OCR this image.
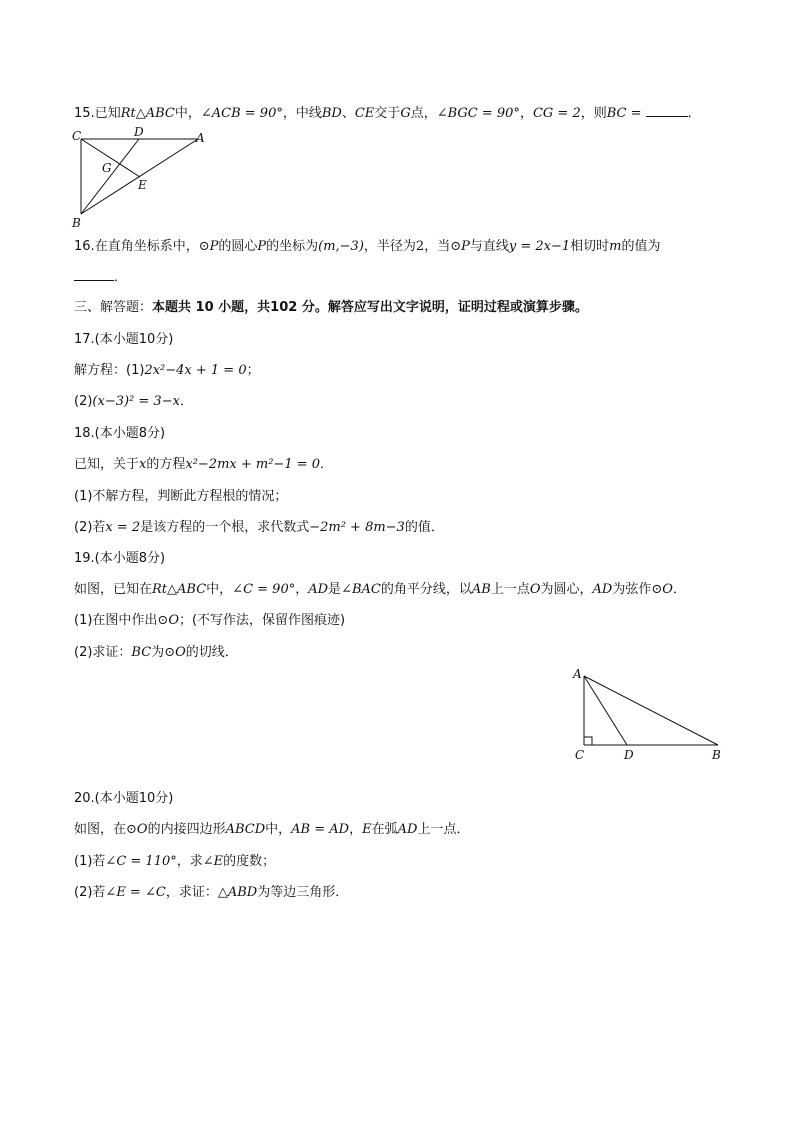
15.已知Rt△ABC中，∠ACB = 90°，中线BD、CE交于G点，∠BGC = 90°，CG = 2，则BC =	．
C	D	A
G
E
B
16.在直角坐标系中，⊙P的圆心P的坐标为(m,−3)，半径为2，当⊙P与直线y = 2x−1相切时m的值为
．
三、解答题：本题共 10 小题，共102 分。解答应写出文字说明，证明过程或演算步骤。
17.(本小题10分)
解方程：(1)2x²−4x + 1 = 0；
(2)(x−3)² = 3−x．
18.(本小题8分)
已知，关于x的方程x²−2mx + m²−1 = 0．
(1)不解方程，判断此方程根的情况；
(2)若x = 2是该方程的一个根，求代数式−2m² + 8m−3的值．
19.(本小题8分)
如图，已知在Rt△ABC中，∠C = 90°，AD是∠BAC的角平分线，以AB上一点O为圆心，AD为弦作⊙O．
(1)在图中作出⊙O；(不写作法，保留作图痕迹)
(2)求证：BC为⊙O的切线．
A
C	D	B
20.(本小题10分)
如图，在⊙O的内接四边形ABCD中，AB = AD，E在弧AD上一点．
(1)若∠C = 110°，求∠E的度数；
(2)若∠E = ∠C，求证：△ABD为等边三角形．
